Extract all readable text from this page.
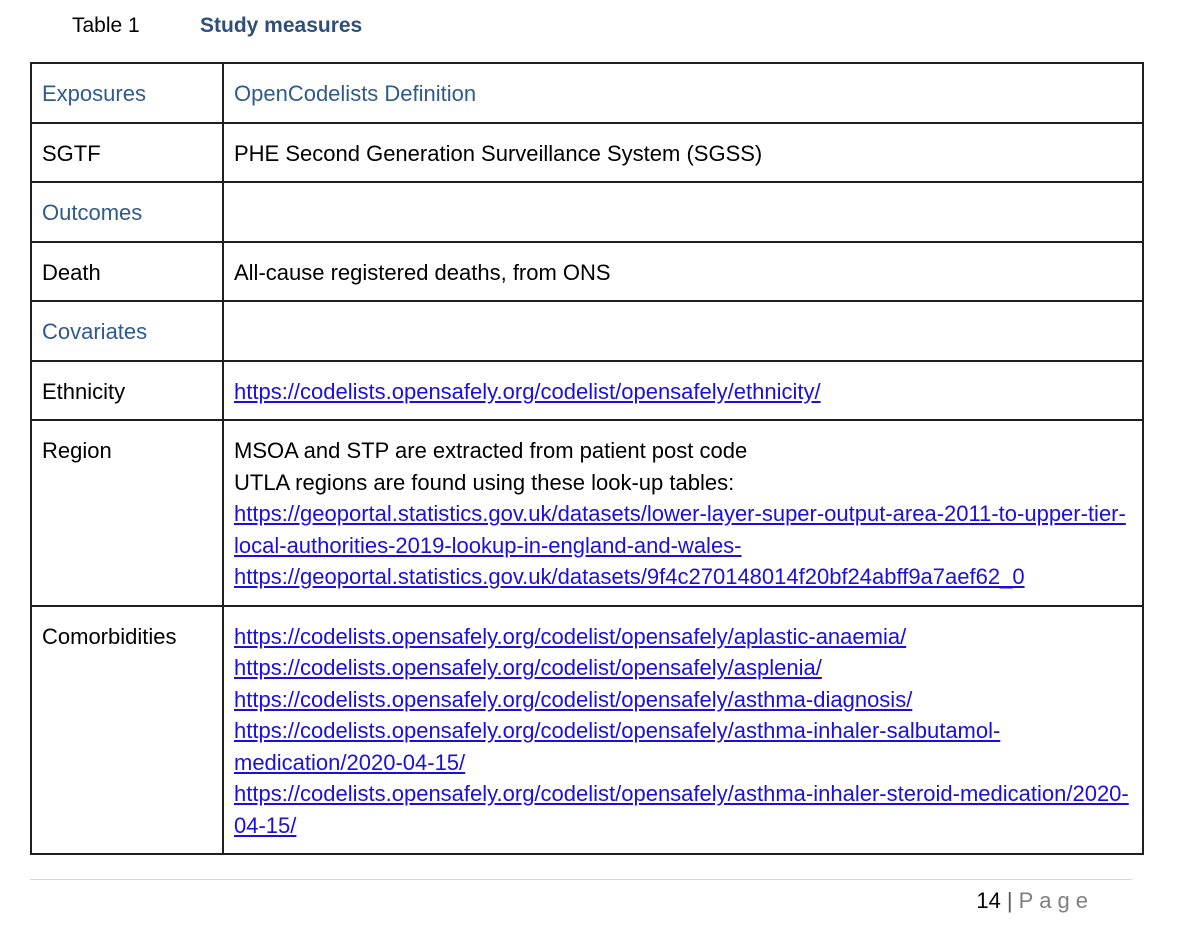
Table 1	Study measures
Exposures	OpenCodelists Definition
SGTF	PHE Second Generation Surveillance System (SGSS)
Outcomes	
Death	All-cause registered deaths, from ONS
Covariates	
Ethnicity	https://codelists.opensafely.org/codelist/opensafely/ethnicity/

Region	MSOA and STP are extracted from patient post code
UTLA regions are found using these look-up tables:
https://geoportal.statistics.gov.uk/datasets/lower-layer-super-output-area-2011-to-upper-tier-local-authorities-2019-lookup-in-england-and-wales-
https://geoportal.statistics.gov.uk/datasets/9f4c270148014f20bf24abff9a7aef62_0

Comorbidities	https://codelists.opensafely.org/codelist/opensafely/aplastic-anaemia/
https://codelists.opensafely.org/codelist/opensafely/asplenia/
https://codelists.opensafely.org/codelist/opensafely/asthma-diagnosis/
https://codelists.opensafely.org/codelist/opensafely/asthma-inhaler-salbutamol-medication/2020-04-15/
https://codelists.opensafely.org/codelist/opensafely/asthma-inhaler-steroid-medication/2020-04-15/
14 | Page
